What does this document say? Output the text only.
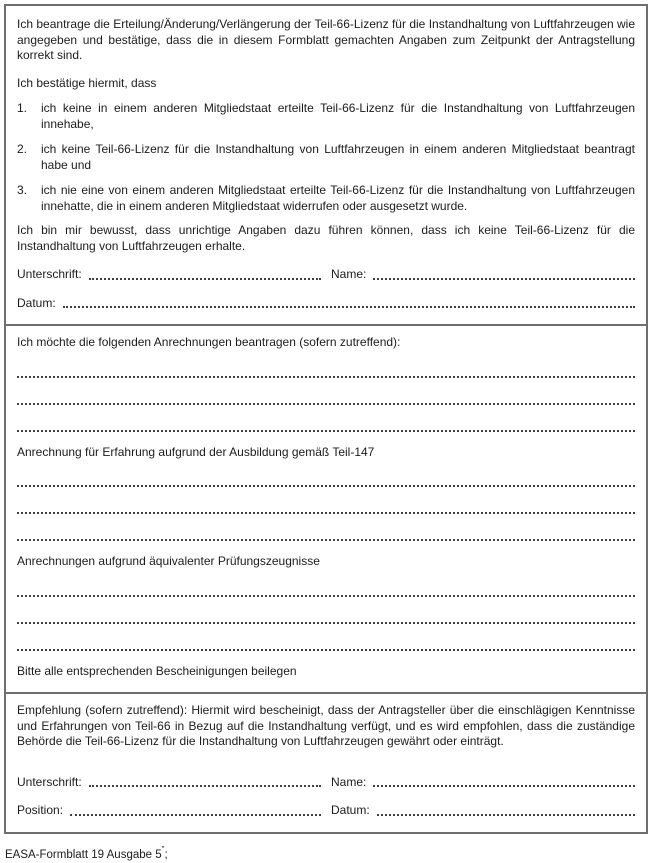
Ich beantrage die Erteilung/Änderung/Verlängerung der Teil-66-Lizenz für die Instandhaltung von Luftfahrzeugen wie angegeben und bestätige, dass die in diesem Formblatt gemachten Angaben zum Zeitpunkt der Antragstellung korrekt sind.

Ich bestätige hiermit, dass

1.	ich keine in einem anderen Mitgliedstaat erteilte Teil-66-Lizenz für die Instandhaltung von Luftfahrzeugen innehabe,
2.	ich keine Teil-66-Lizenz für die Instandhaltung von Luftfahrzeugen in einem anderen Mitgliedstaat beantragt habe und
3.	ich nie eine von einem anderen Mitgliedstaat erteilte Teil-66-Lizenz für die Instandhaltung von Luftfahrzeugen innehatte, die in einem anderen Mitgliedstaat widerrufen oder ausgesetzt wurde.

Ich bin mir bewusst, dass unrichtige Angaben dazu führen können, dass ich keine Teil-66-Lizenz für die Instandhaltung von Luftfahrzeugen erhalte.

Unterschrift:	Name:
Datum:

Ich möchte die folgenden Anrechnungen beantragen (sofern zutreffend):

Anrechnung für Erfahrung aufgrund der Ausbildung gemäß Teil-147

Anrechnungen aufgrund äquivalenter Prüfungszeugnisse

Bitte alle entsprechenden Bescheinigungen beilegen

Empfehlung (sofern zutreffend): Hiermit wird bescheinigt, dass der Antragsteller über die einschlägigen Kenntnisse und Erfahrungen von Teil-66 in Bezug auf die Instandhaltung verfügt, und es wird empfohlen, dass die zuständige Behörde die Teil-66-Lizenz für die Instandhaltung von Luftfahrzeugen gewährt oder einträgt.

Unterschrift:	Name:
Position:	Datum:
EASA-Formblatt 19 Ausgabe 5";
